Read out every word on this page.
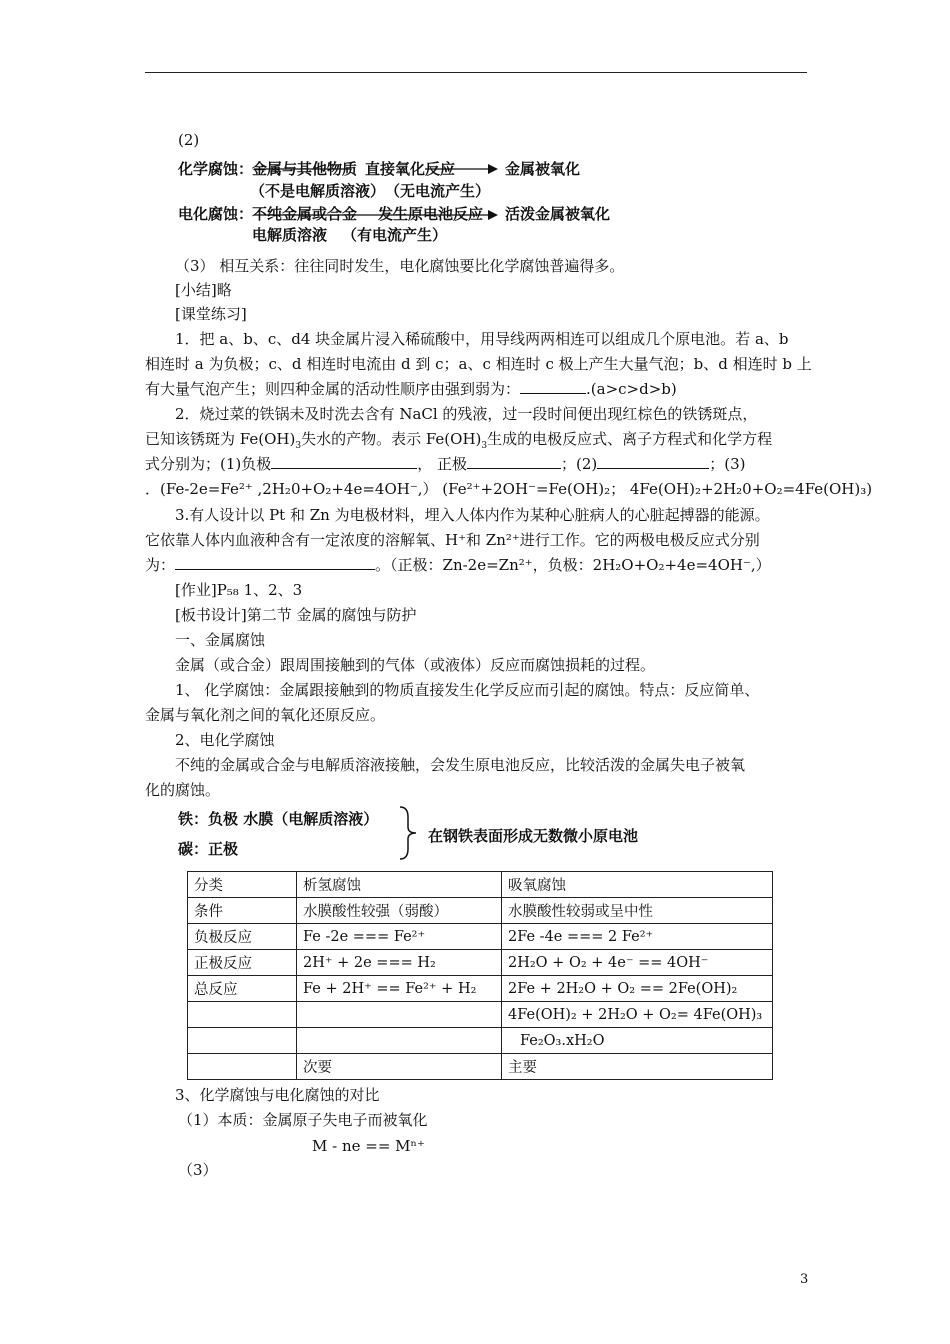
(2)
化学腐蚀：
金属与其他物质 直接氧化反应	金属被氧化
（不是电解质溶液） （无电流产生）
电化腐蚀：
不纯金属或合金 发生原电池反应 活泼金属被氧化
电解质溶液 （有电流产生）
（3） 相互关系：往往同时发生，电化腐蚀要比化学腐蚀普遍得多。
[小结]略
[课堂练习]
1．把 a、b、c、d4 块金属片浸入稀硫酸中，用导线两两相连可以组成几个原电池。若 a、b
相连时 a 为负极；c、d 相连时电流由 d 到 c；a、c 相连时 c 极上产生大量气泡；b、d 相连时 b 上
有大量气泡产生；则四种金属的活动性顺序由强到弱为：	.(a>c>d>b)
2．烧过菜的铁锅未及时洗去含有 NaCl 的残液，过一段时间便出现红棕色的铁锈斑点，
已知该锈斑为 $Fe(OH)_3$失水的产物。表示 $Fe(OH)_3$生成的电极反应式、离子方程式和化学方程
式分别为；(1)负极	， 正极	；(2)	；(3)
．(Fe-2e=Fe²⁺ ,2H₂0+O₂+4e=4OH⁻,） (Fe²⁺+2OH⁻=Fe(OH)₂； 4Fe(OH)₂+2H₂0+O₂=4Fe(OH)₃)
3.有人设计以 Pt 和 Zn 为电极材料，埋入人体内作为某种心脏病人的心脏起搏器的能源。
它依靠人体内血液种含有一定浓度的溶解氧、H⁺和 Zn²⁺进行工作。它的两极电极反应式分别
为：	。（正极：Zn-2e=Zn²⁺，负极：2H₂O+O₂+4e=4OH⁻,）
[作业]P₅₈ 1、2、3
[板书设计]第二节 金属的腐蚀与防护
一、金属腐蚀
金属（或合金）跟周围接触到的气体（或液体）反应而腐蚀损耗的过程。
1、 化学腐蚀：金属跟接触到的物质直接发生化学反应而引起的腐蚀。特点：反应简单、
金属与氧化剂之间的氧化还原反应。
2、电化学腐蚀
不纯的金属或合金与电解质溶液接触，会发生原电池反应，比较活泼的金属失电子被氧
化的腐蚀。
铁：负极 水膜（电解质溶液）
碳：正极
在钢铁表面形成无数微小原电池
分类	析氢腐蚀	吸氧腐蚀
条件	水膜酸性较强（弱酸）	水膜酸性较弱或呈中性
负极反应	Fe -2e === Fe²⁺	2Fe -4e === 2 Fe²⁺
正极反应	2H⁺ + 2e === H₂	2H₂O + O₂ + 4e⁻ == 4OH⁻
总反应	Fe + 2H⁺ == Fe²⁺ + H₂	2Fe + 2H₂O + O₂ == 2Fe(OH)₂
		4Fe(OH)₂ + 2H₂O + O₂= 4Fe(OH)₃
		Fe₂O₃.xH₂O
	次要	主要
3、化学腐蚀与电化腐蚀的对比
（1）本质：金属原子失电子而被氧化
M - ne == Mⁿ⁺
（3）
3
